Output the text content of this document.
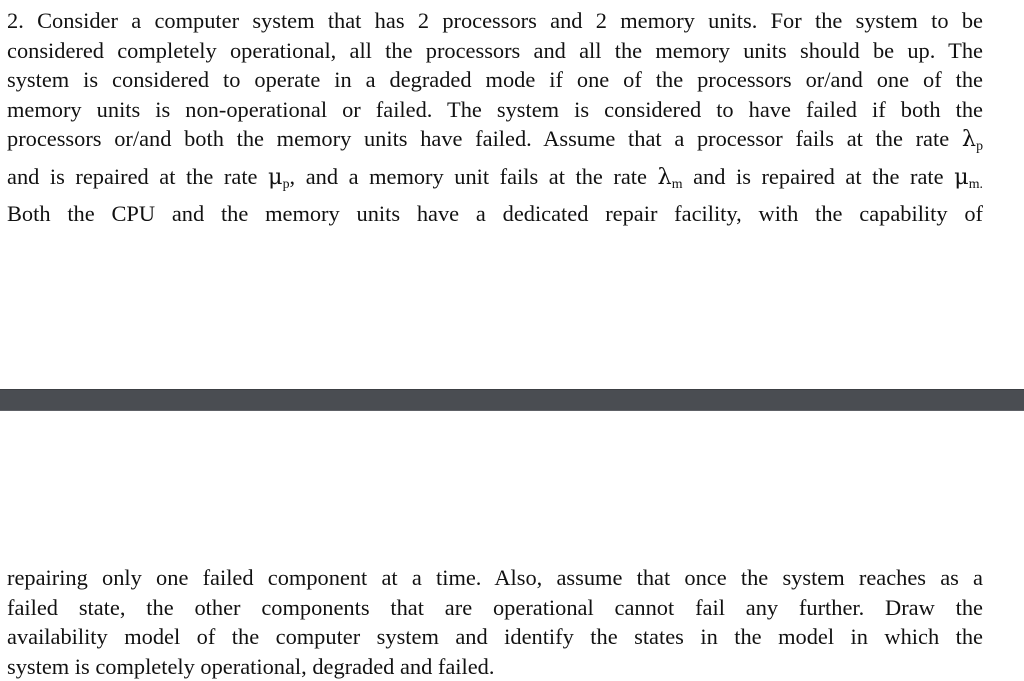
2. Consider a computer system that has 2 processors and 2 memory units. For the system to be
considered completely operational, all the processors and all the memory units should be up. The
system is considered to operate in a degraded mode if one of the processors or/and one of the
memory units is non-operational or failed. The system is considered to have failed if both the
processors or/and both the memory units have failed. Assume that a processor fails at the rate $\lambda_p$
and is repaired at the rate $\mu_p$, and a memory unit fails at the rate $\lambda_m$ and is repaired at the rate $\mu_{m.}$
Both the CPU and the memory units have a dedicated repair facility, with the capability of
repairing only one failed component at a time. Also, assume that once the system reaches as a
failed state, the other components that are operational cannot fail any further. Draw the
availability model of the computer system and identify the states in the model in which the
system is completely operational, degraded and failed.
